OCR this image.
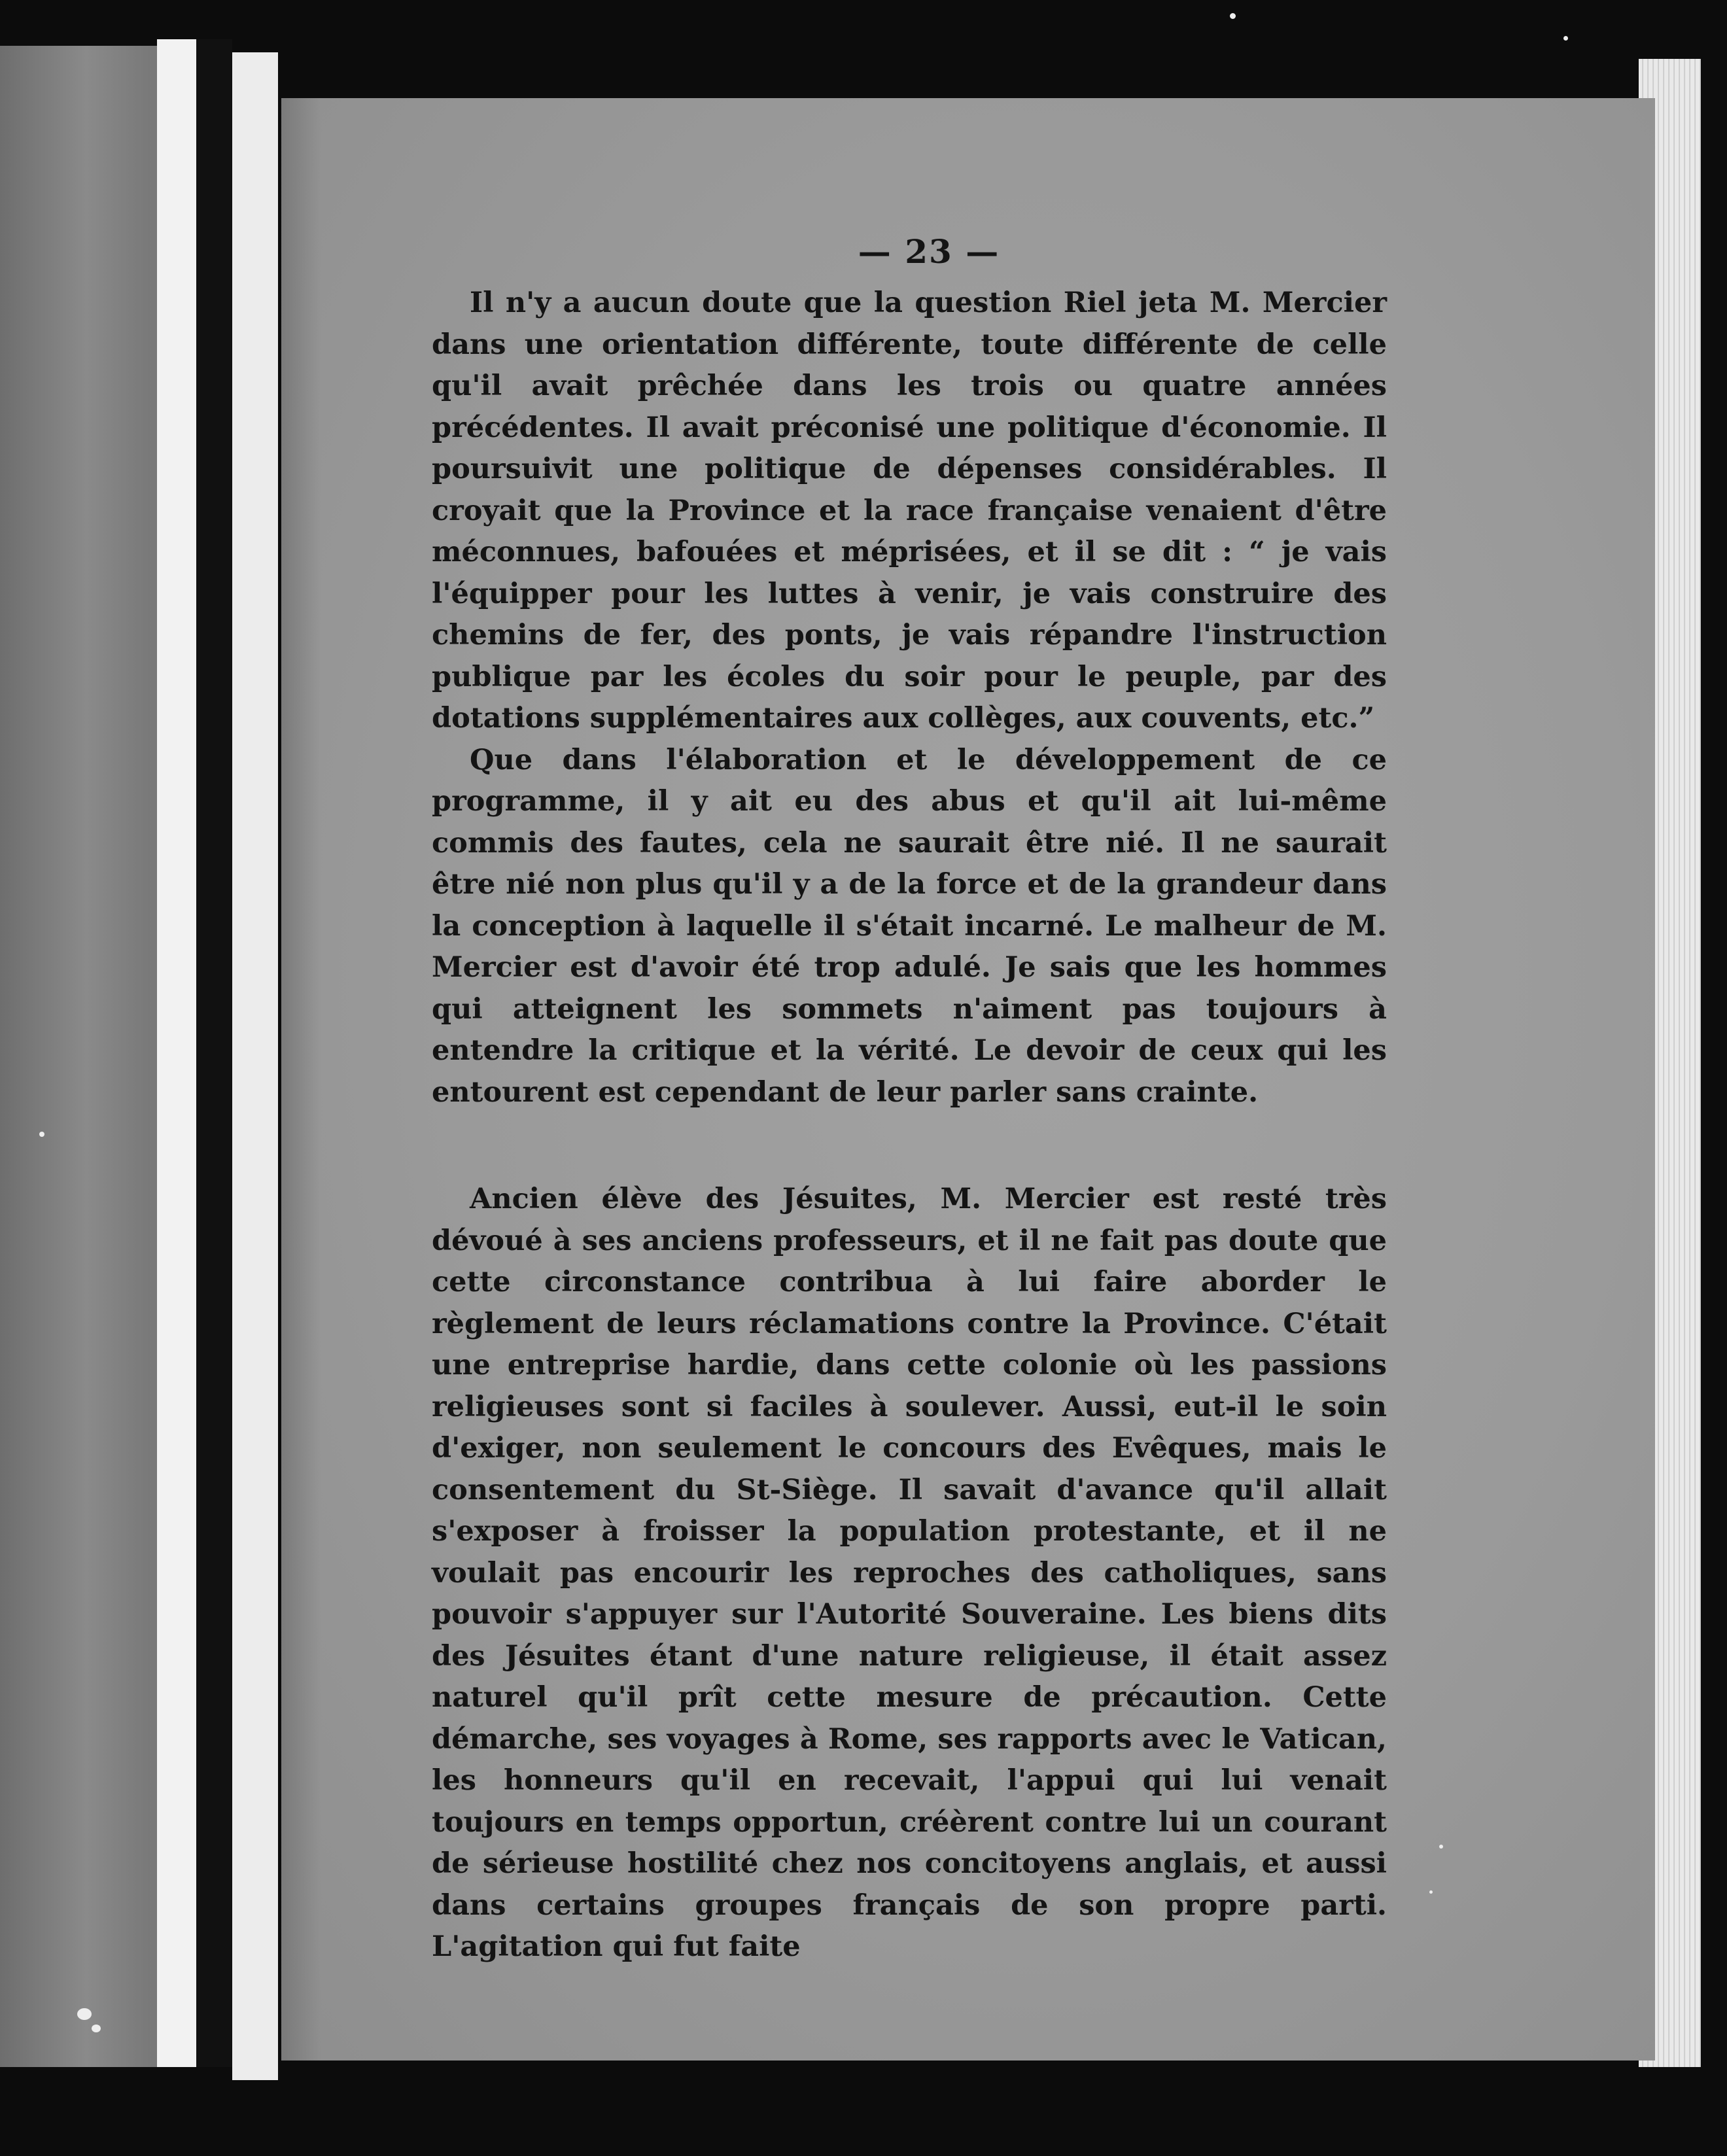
— 23 —

Il n'y a aucun doute que la question Riel jeta M. Mercier dans une orientation différente, toute différente de celle qu'il avait prêchée dans les trois ou quatre années précédentes. Il avait préconisé une politique d'économie. Il poursuivit une politique de dépenses considérables. Il croyait que la Province et la race française venaient d'être méconnues, bafouées et méprisées, et il se dit : “ je vais l'équipper pour les luttes à venir, je vais construire des chemins de fer, des ponts, je vais répandre l'instruction publique par les écoles du soir pour le peuple, par des dotations supplémentaires aux collèges, aux couvents, etc.”

Que dans l'élaboration et le développement de ce programme, il y ait eu des abus et qu'il ait lui-même commis des fautes, cela ne saurait être nié. Il ne saurait être nié non plus qu'il y a de la force et de la grandeur dans la conception à laquelle il s'était incarné. Le malheur de M. Mercier est d'avoir été trop adulé. Je sais que les hommes qui atteignent les sommets n'aiment pas toujours à entendre la critique et la vérité. Le devoir de ceux qui les entourent est cependant de leur parler sans crainte.

Ancien élève des Jésuites, M. Mercier est resté très dévoué à ses anciens professeurs, et il ne fait pas doute que cette circonstance contribua à lui faire aborder le règlement de leurs réclamations contre la Province. C'était une entreprise hardie, dans cette colonie où les passions religieuses sont si faciles à soulever. Aussi, eut-il le soin d'exiger, non seulement le concours des Evêques, mais le consentement du St-Siège. Il savait d'avance qu'il allait s'exposer à froisser la population protestante, et il ne voulait pas encourir les reproches des catholiques, sans pouvoir s'appuyer sur l'Autorité Souveraine. Les biens dits des Jésuites étant d'une nature religieuse, il était assez naturel qu'il prît cette mesure de précaution. Cette démarche, ses voyages à Rome, ses rapports avec le Vatican, les honneurs qu'il en recevait, l'appui qui lui venait toujours en temps opportun, créèrent contre lui un courant de sérieuse hostilité chez nos concitoyens anglais, et aussi dans certains groupes français de son propre parti. L'agitation qui fut faite
